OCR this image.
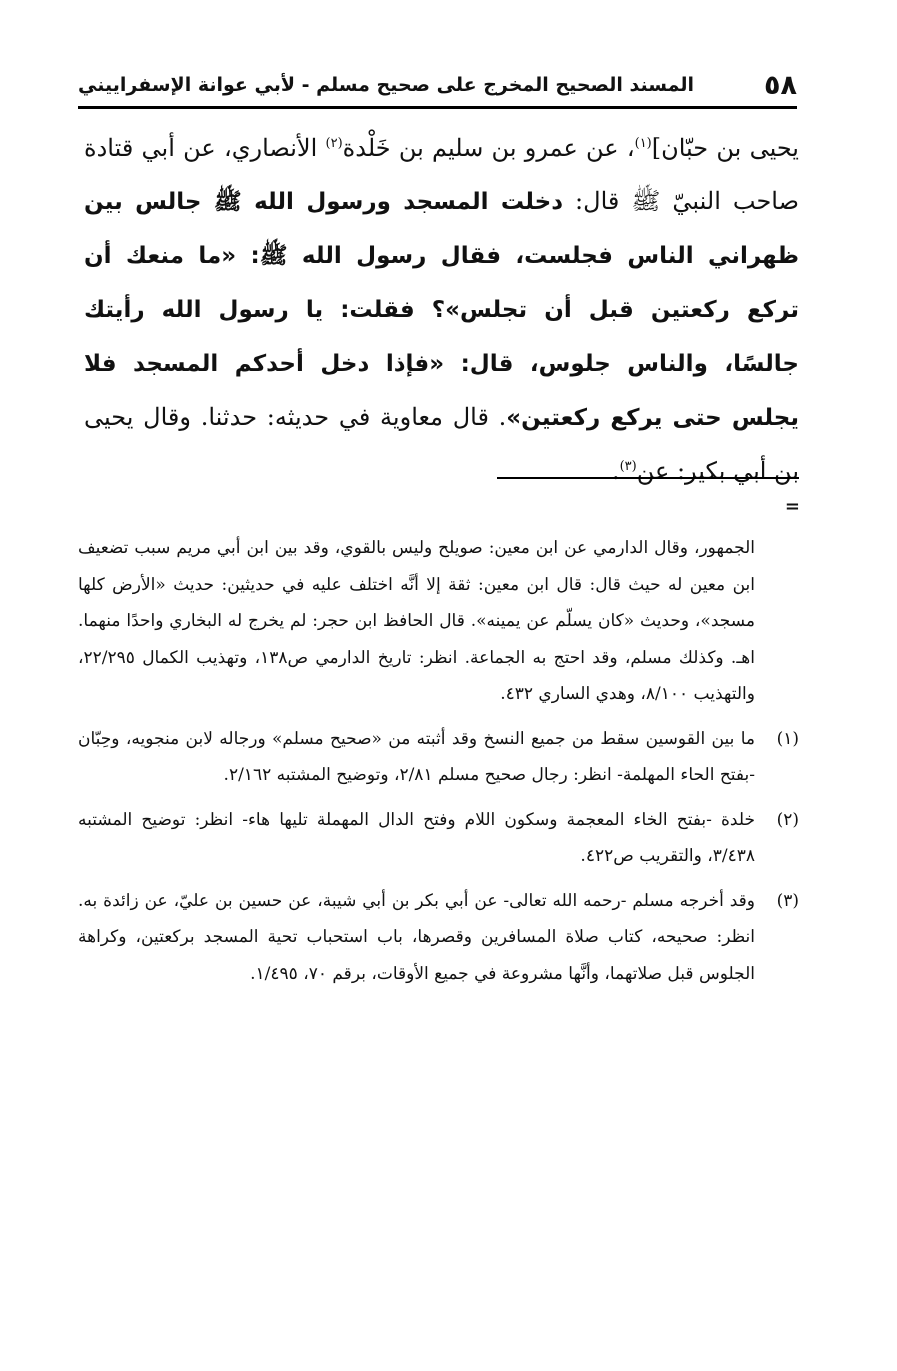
٥٨
المسند الصحيح المخرج على صحيح مسلم - لأبي عوانة الإسفراييني

يحيى بن حبّان]$^{(١)}$، عن عمرو بن سليم بن خَلْدة$^{(٢)}$ الأنصاري، عن أبي قتادة صاحب النبيّ ﷺ قال: دخلت المسجد ورسول الله ﷺ جالس بين ظهراني الناس فجلست، فقال رسول الله ﷺ: «ما منعك أن تركع ركعتين قبل أن تجلس»؟ فقلت: يا رسول الله رأيتك جالسًا، والناس جلوس، قال: «فإذا دخل أحدكم المسجد فلا يجلس حتى يركع ركعتين». قال معاوية في حديثه: حدثنا. وقال يحيى بن أبي بكير: عن$^{(٣)}$.

=

الجمهور، وقال الدارمي عن ابن معين: صويلح وليس بالقوي، وقد بين ابن أبي مريم سبب تضعيف ابن معين له حيث قال: قال ابن معين: ثقة إلا أنَّه اختلف عليه في حديثين: حديث «الأرض كلها مسجد»، وحديث «كان يسلّم عن يمينه». قال الحافظ ابن حجر: لم يخرج له البخاري واحدًا منهما. اهـ. وكذلك مسلم، وقد احتج به الجماعة. انظر: تاريخ الدارمي ص١٣٨، وتهذيب الكمال ٢٢/٢٩٥، والتهذيب ٨/١٠٠، وهدي الساري ٤٣٢.

(١)
ما بين القوسين سقط من جميع النسخ وقد أثبته من «صحيح مسلم» ورجاله لابن منجويه، وحِبّان -بفتح الحاء المهلمة- انظر: رجال صحيح مسلم ٢/٨١، وتوضيح المشتبه ٢/١٦٢.
(٢)
خلدة -بفتح الخاء المعجمة وسكون اللام وفتح الدال المهملة تليها هاء- انظر: توضيح المشتبه ٣/٤٣٨، والتقريب ص٤٢٢.
(٣)
وقد أخرجه مسلم -رحمه الله تعالى- عن أبي بكر بن أبي شيبة، عن حسين بن عليّ، عن زائدة به. انظر: صحيحه، كتاب صلاة المسافرين وقصرها، باب استحباب تحية المسجد بركعتين، وكراهة الجلوس قبل صلاتهما، وأنَّها مشروعة في جميع الأوقات، برقم ٧٠، ١/٤٩٥.
